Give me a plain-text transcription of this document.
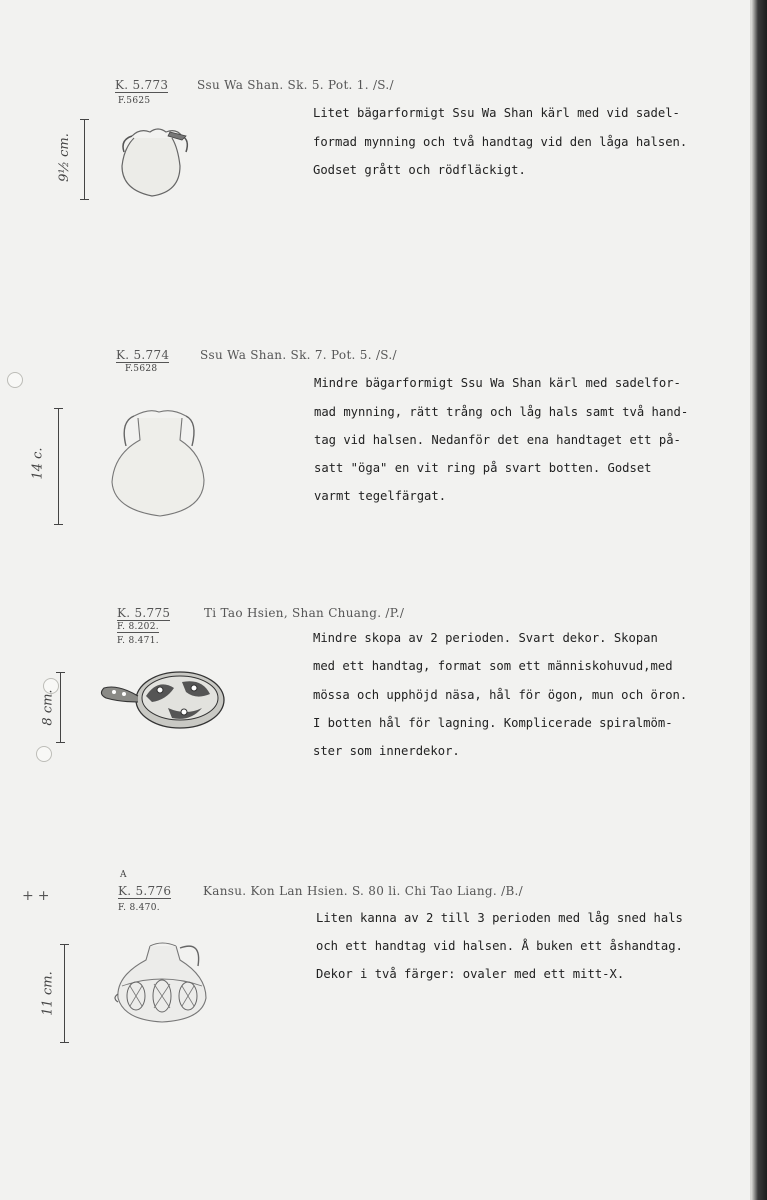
++
K. 5.773
F.5625
Ssu Wa Shan. Sk. 5. Pot. 1. /S./
9½ cm.
Litet bägarformigt Ssu Wa Shan kärl med vid sadel-
formad mynning och två handtag vid den låga halsen.
Godset grått och rödfläckigt.
K. 5.774
F.5628
Ssu Wa Shan. Sk. 7. Pot. 5. /S./
14 c.
Mindre bägarformigt Ssu Wa Shan kärl med sadelfor-
mad mynning, rätt trång och låg hals samt två hand-
tag vid halsen. Nedanför det ena handtaget ett på-
satt "öga" en vit ring på svart botten. Godset
varmt tegelfärgat.
K. 5.775
F. 8.202.
F. 8.471.
Ti Tao Hsien, Shan Chuang. /P./
8 cm.
Mindre skopa av 2 perioden. Svart dekor. Skopan
med ett handtag, format som ett människohuvud,med
mössa och upphöjd näsa, hål för ögon, mun och öron.
I botten hål för lagning. Komplicerade spiralmöm-
ster som innerdekor.
A
K. 5.776
F. 8.470.
Kansu. Kon Lan Hsien. S. 80 li. Chi Tao Liang. /B./
11 cm.
Liten kanna av 2 till 3 perioden med låg sned hals
och ett handtag vid halsen. Å buken ett åshandtag.
Dekor i två färger: ovaler med ett mitt-X.
